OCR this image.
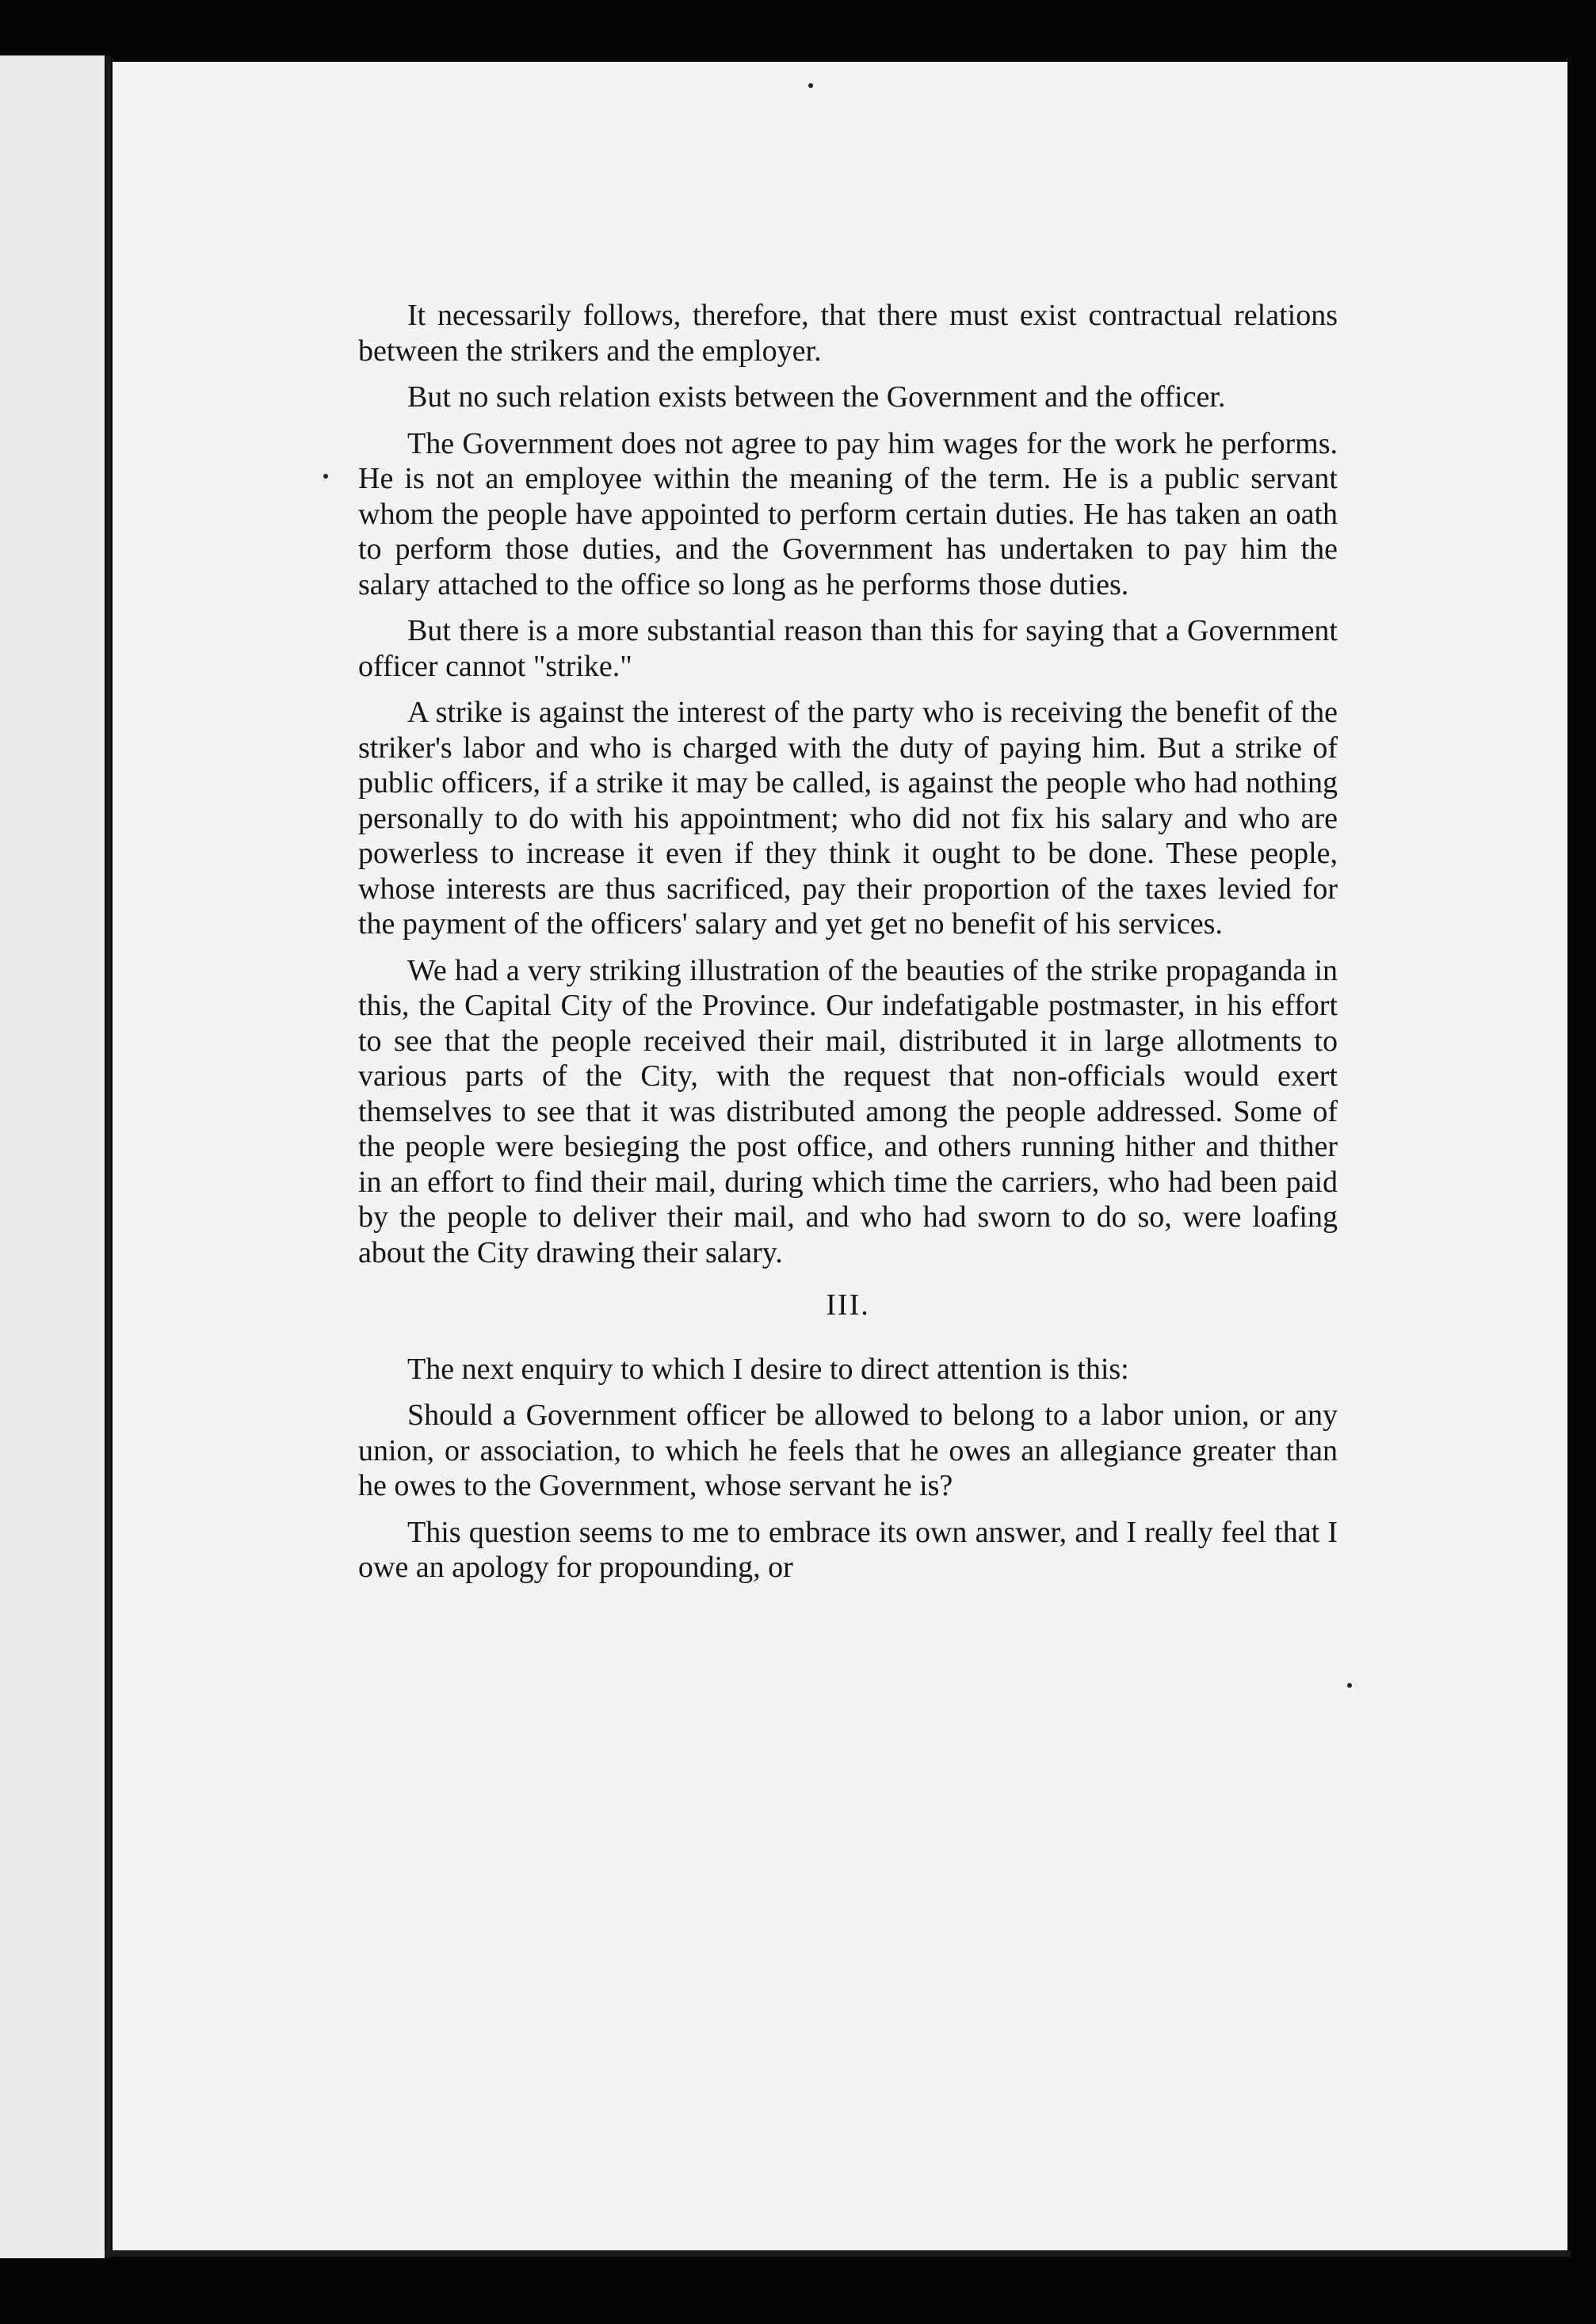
It necessarily follows, therefore, that there must exist contractual relations between the strikers and the employer.

But no such relation exists between the Government and the officer.

The Government does not agree to pay him wages for the work he performs. He is not an employee within the meaning of the term. He is a public servant whom the people have appointed to perform certain duties. He has taken an oath to perform those duties, and the Government has undertaken to pay him the salary attached to the office so long as he performs those duties.

But there is a more substantial reason than this for saying that a Government officer cannot "strike."

A strike is against the interest of the party who is receiving the benefit of the striker's labor and who is charged with the duty of paying him. But a strike of public officers, if a strike it may be called, is against the people who had nothing personally to do with his appointment; who did not fix his salary and who are powerless to increase it even if they think it ought to be done. These people, whose interests are thus sacrificed, pay their proportion of the taxes levied for the payment of the officers' salary and yet get no benefit of his services.

We had a very striking illustration of the beauties of the strike propaganda in this, the Capital City of the Province. Our indefatigable postmaster, in his effort to see that the people received their mail, distributed it in large allotments to various parts of the City, with the request that non-officials would exert themselves to see that it was distributed among the people addressed. Some of the people were besieging the post office, and others running hither and thither in an effort to find their mail, during which time the carriers, who had been paid by the people to deliver their mail, and who had sworn to do so, were loafing about the City drawing their salary.

III.

The next enquiry to which I desire to direct attention is this:

Should a Government officer be allowed to belong to a labor union, or any union, or association, to which he feels that he owes an allegiance greater than he owes to the Government, whose servant he is?

This question seems to me to embrace its own answer, and I really feel that I owe an apology for propounding, or
